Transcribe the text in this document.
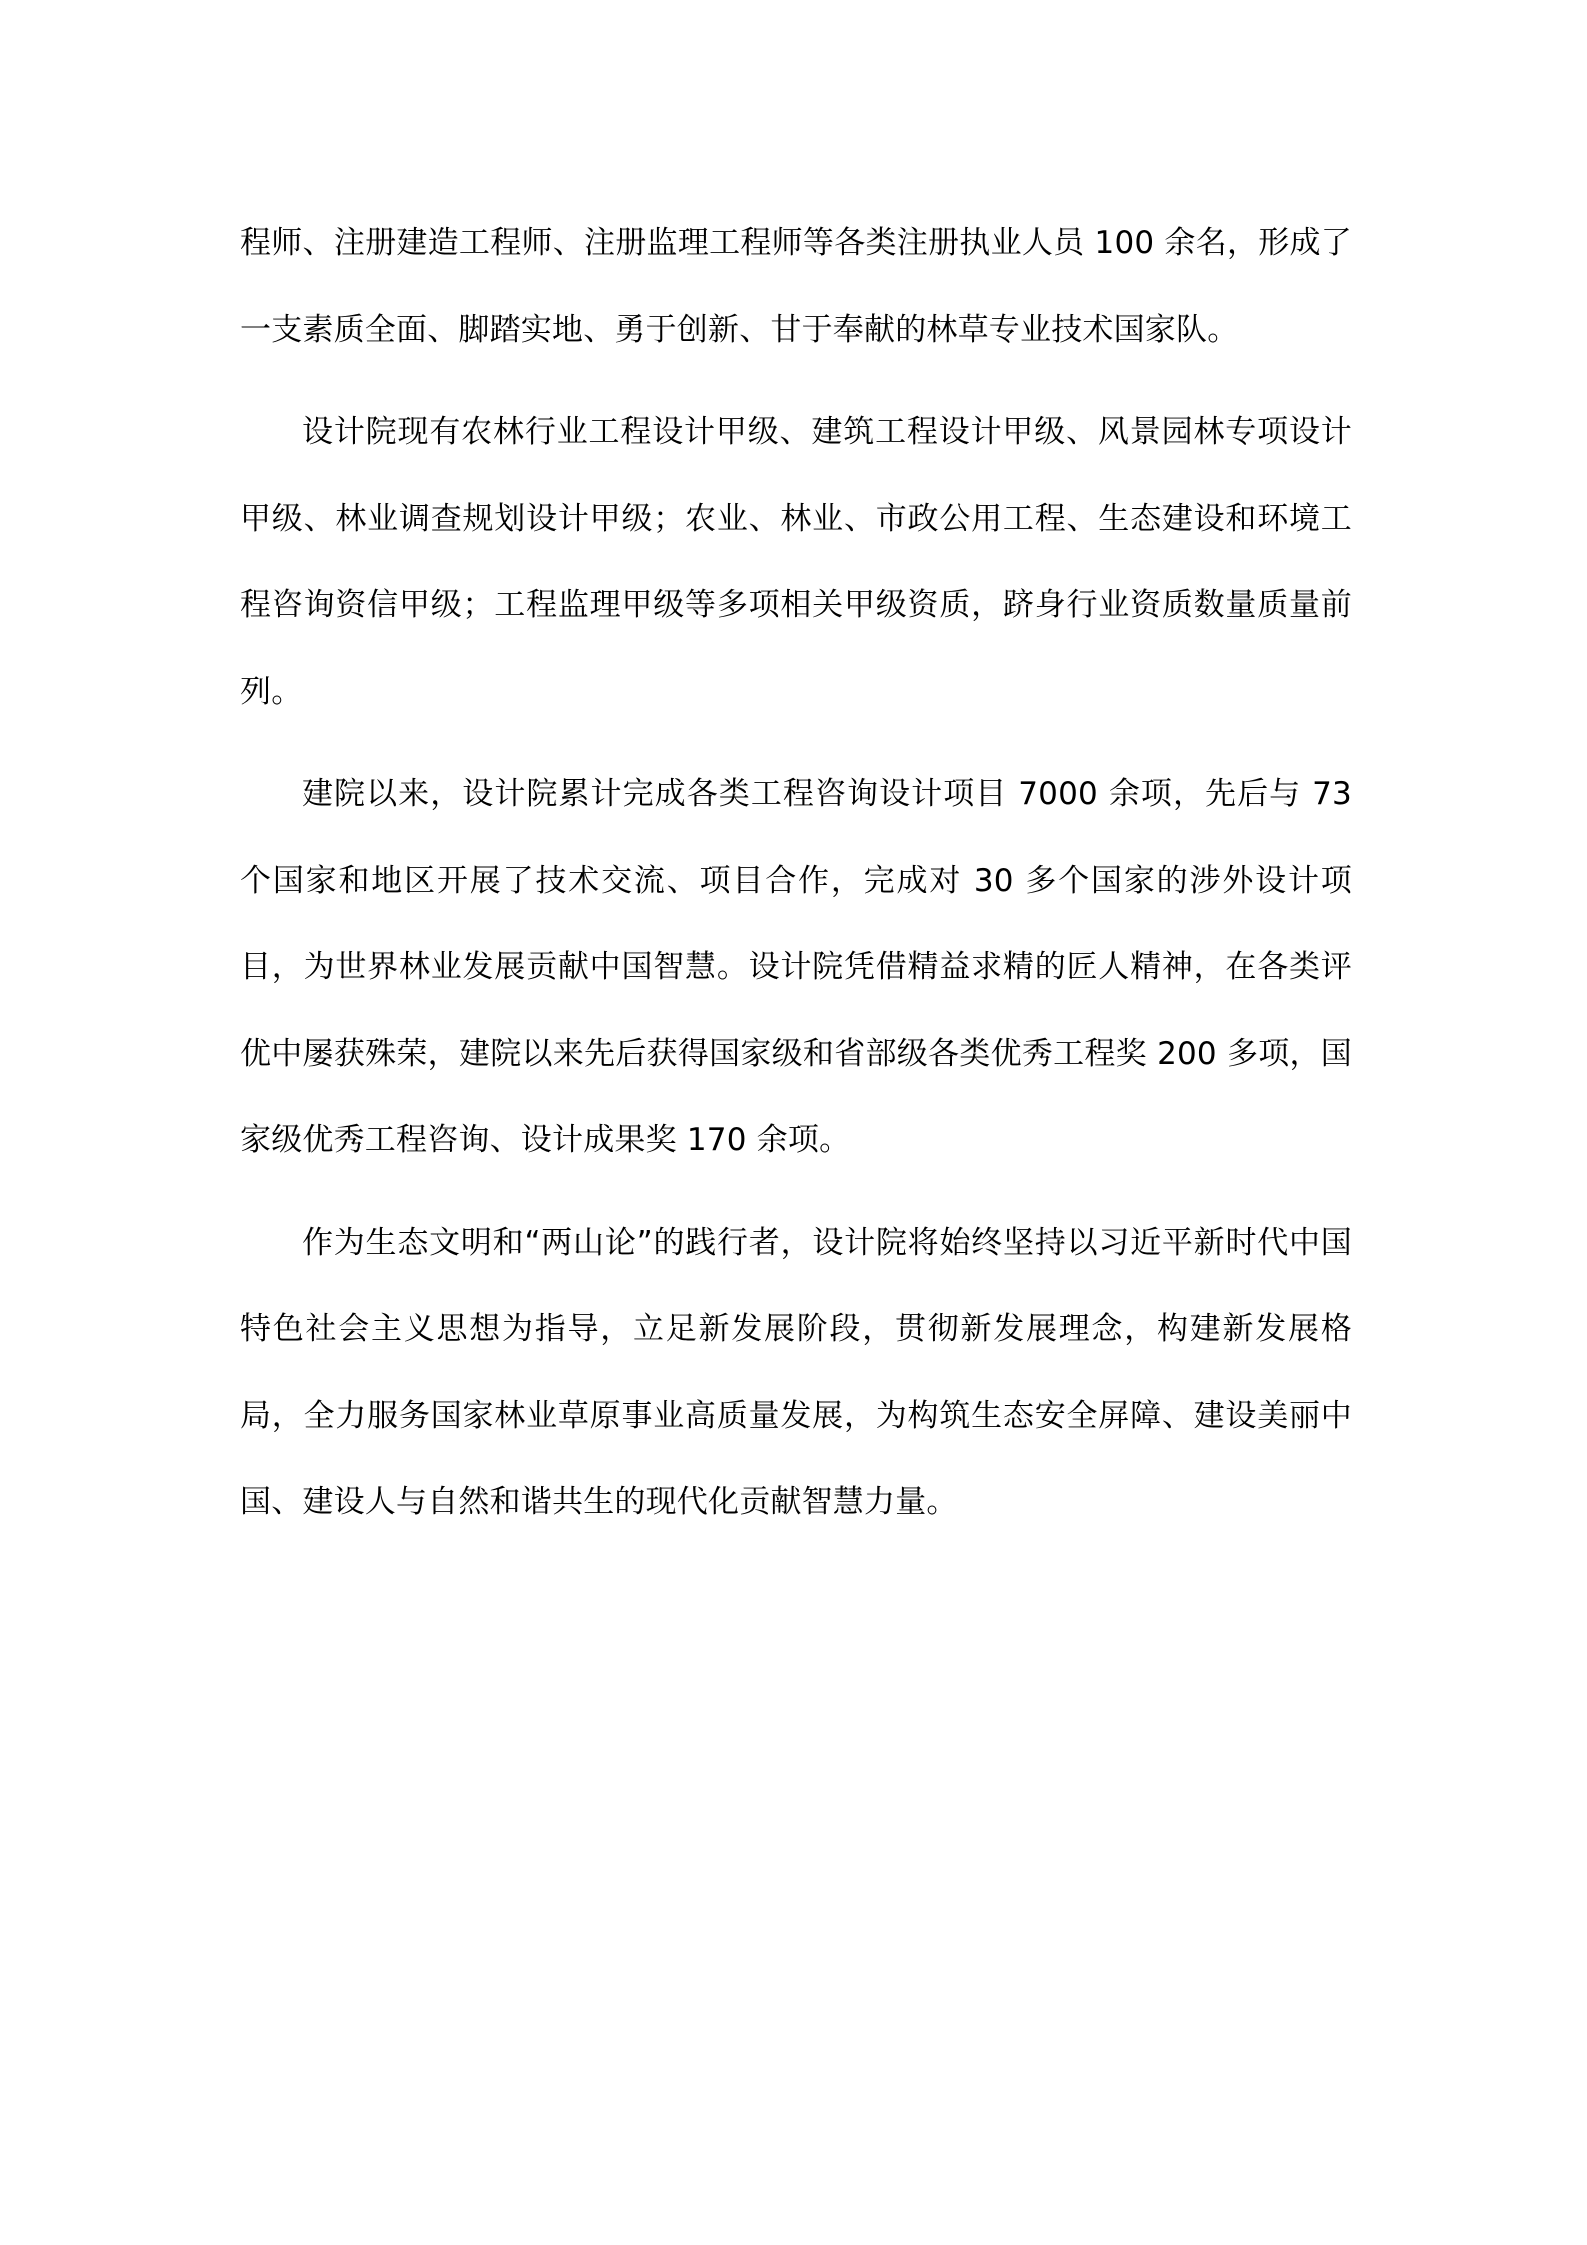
程师、注册建造工程师、注册监理工程师等各类注册执业人员 100 余名，形成了一支素质全面、脚踏实地、勇于创新、甘于奉献的林草专业技术国家队。

设计院现有农林行业工程设计甲级、建筑工程设计甲级、风景园林专项设计甲级、林业调查规划设计甲级；农业、林业、市政公用工程、生态建设和环境工程咨询资信甲级；工程监理甲级等多项相关甲级资质，跻身行业资质数量质量前列。

建院以来，设计院累计完成各类工程咨询设计项目 7000 余项，先后与 73 个国家和地区开展了技术交流、项目合作，完成对 30 多个国家的涉外设计项目，为世界林业发展贡献中国智慧。设计院凭借精益求精的匠人精神，在各类评优中屡获殊荣，建院以来先后获得国家级和省部级各类优秀工程奖 200 多项，国家级优秀工程咨询、设计成果奖 170 余项。

作为生态文明和“两山论”的践行者，设计院将始终坚持以习近平新时代中国特色社会主义思想为指导，立足新发展阶段，贯彻新发展理念，构建新发展格局，全力服务国家林业草原事业高质量发展，为构筑生态安全屏障、建设美丽中国、建设人与自然和谐共生的现代化贡献智慧力量。
